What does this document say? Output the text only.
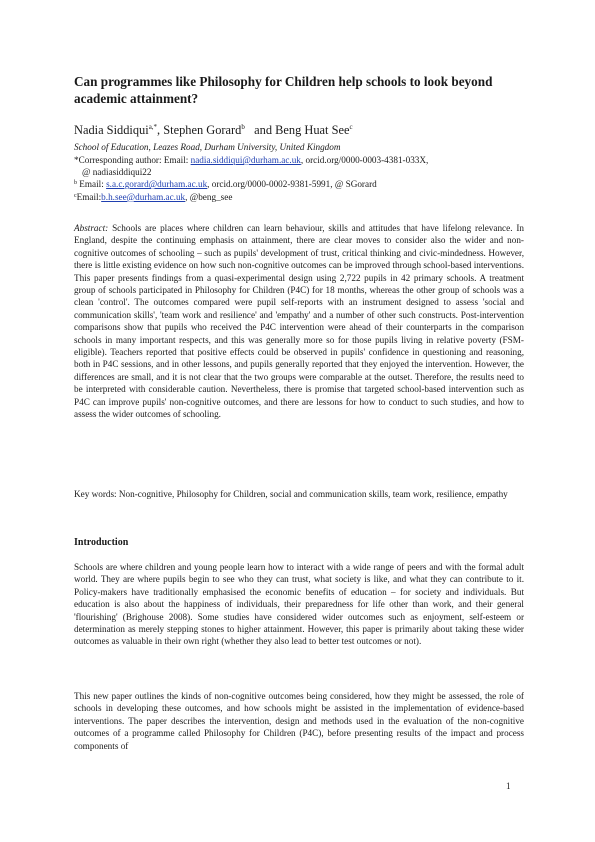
Can programmes like Philosophy for Children help schools to look beyond academic attainment?
Nadia Siddiqui$^{a,*}$, Stephen Gorard$^b$   and Beng Huat See$^c$
School of Education, Leazes Road, Durham University, United Kingdom
*Corresponding author: Email: nadia.siddiqui@durham.ac.uk, orcid.org/0000-0003-4381-033X,
@ nadiasiddiqui22
$^b$ Email: s.a.c.gorard@durham.ac.uk, orcid.org/0000-0002-9381-5991, @ SGorard
$^c$Email:b.h.see@durham.ac.uk, @beng_see

Abstract: Schools are places where children can learn behaviour, skills and attitudes that have lifelong relevance. In England, despite the continuing emphasis on attainment, there are clear moves to consider also the wider and non-cognitive outcomes of schooling – such as pupils' development of trust, critical thinking and civic-mindedness. However, there is little existing evidence on how such non-cognitive outcomes can be improved through school-based interventions. This paper presents findings from a quasi-experimental design using 2,722 pupils in 42 primary schools. A treatment group of schools participated in Philosophy for Children (P4C) for 18 months, whereas the other group of schools was a clean 'control'. The outcomes compared were pupil self-reports with an instrument designed to assess 'social and communication skills', 'team work and resilience' and 'empathy' and a number of other such constructs. Post-intervention comparisons show that pupils who received the P4C intervention were ahead of their counterparts in the comparison schools in many important respects, and this was generally more so for those pupils living in relative poverty (FSM-eligible). Teachers reported that positive effects could be observed in pupils' confidence in questioning and reasoning, both in P4C sessions, and in other lessons, and pupils generally reported that they enjoyed the intervention. However, the differences are small, and it is not clear that the two groups were comparable at the outset. Therefore, the results need to be interpreted with considerable caution. Nevertheless, there is promise that targeted school-based intervention such as P4C can improve pupils' non-cognitive outcomes, and there are lessons for how to conduct to such studies, and how to assess the wider outcomes of schooling.

Key words: Non-cognitive, Philosophy for Children, social and communication skills, team work, resilience, empathy

Introduction

Schools are where children and young people learn how to interact with a wide range of peers and with the formal adult world. They are where pupils begin to see who they can trust, what society is like, and what they can contribute to it. Policy-makers have traditionally emphasised the economic benefits of education – for society and individuals. But education is also about the happiness of individuals, their preparedness for life other than work, and their general 'flourishing' (Brighouse 2008). Some studies have considered wider outcomes such as enjoyment, self-esteem or determination as merely stepping stones to higher attainment. However, this paper is primarily about taking these wider outcomes as valuable in their own right (whether they also lead to better test outcomes or not).

This new paper outlines the kinds of non-cognitive outcomes being considered, how they might be assessed, the role of schools in developing these outcomes, and how schools might be assisted in the implementation of evidence-based interventions. The paper describes the intervention, design and methods used in the evaluation of the non-cognitive outcomes of a programme called Philosophy for Children (P4C), before presenting results of the impact and process components of

1
